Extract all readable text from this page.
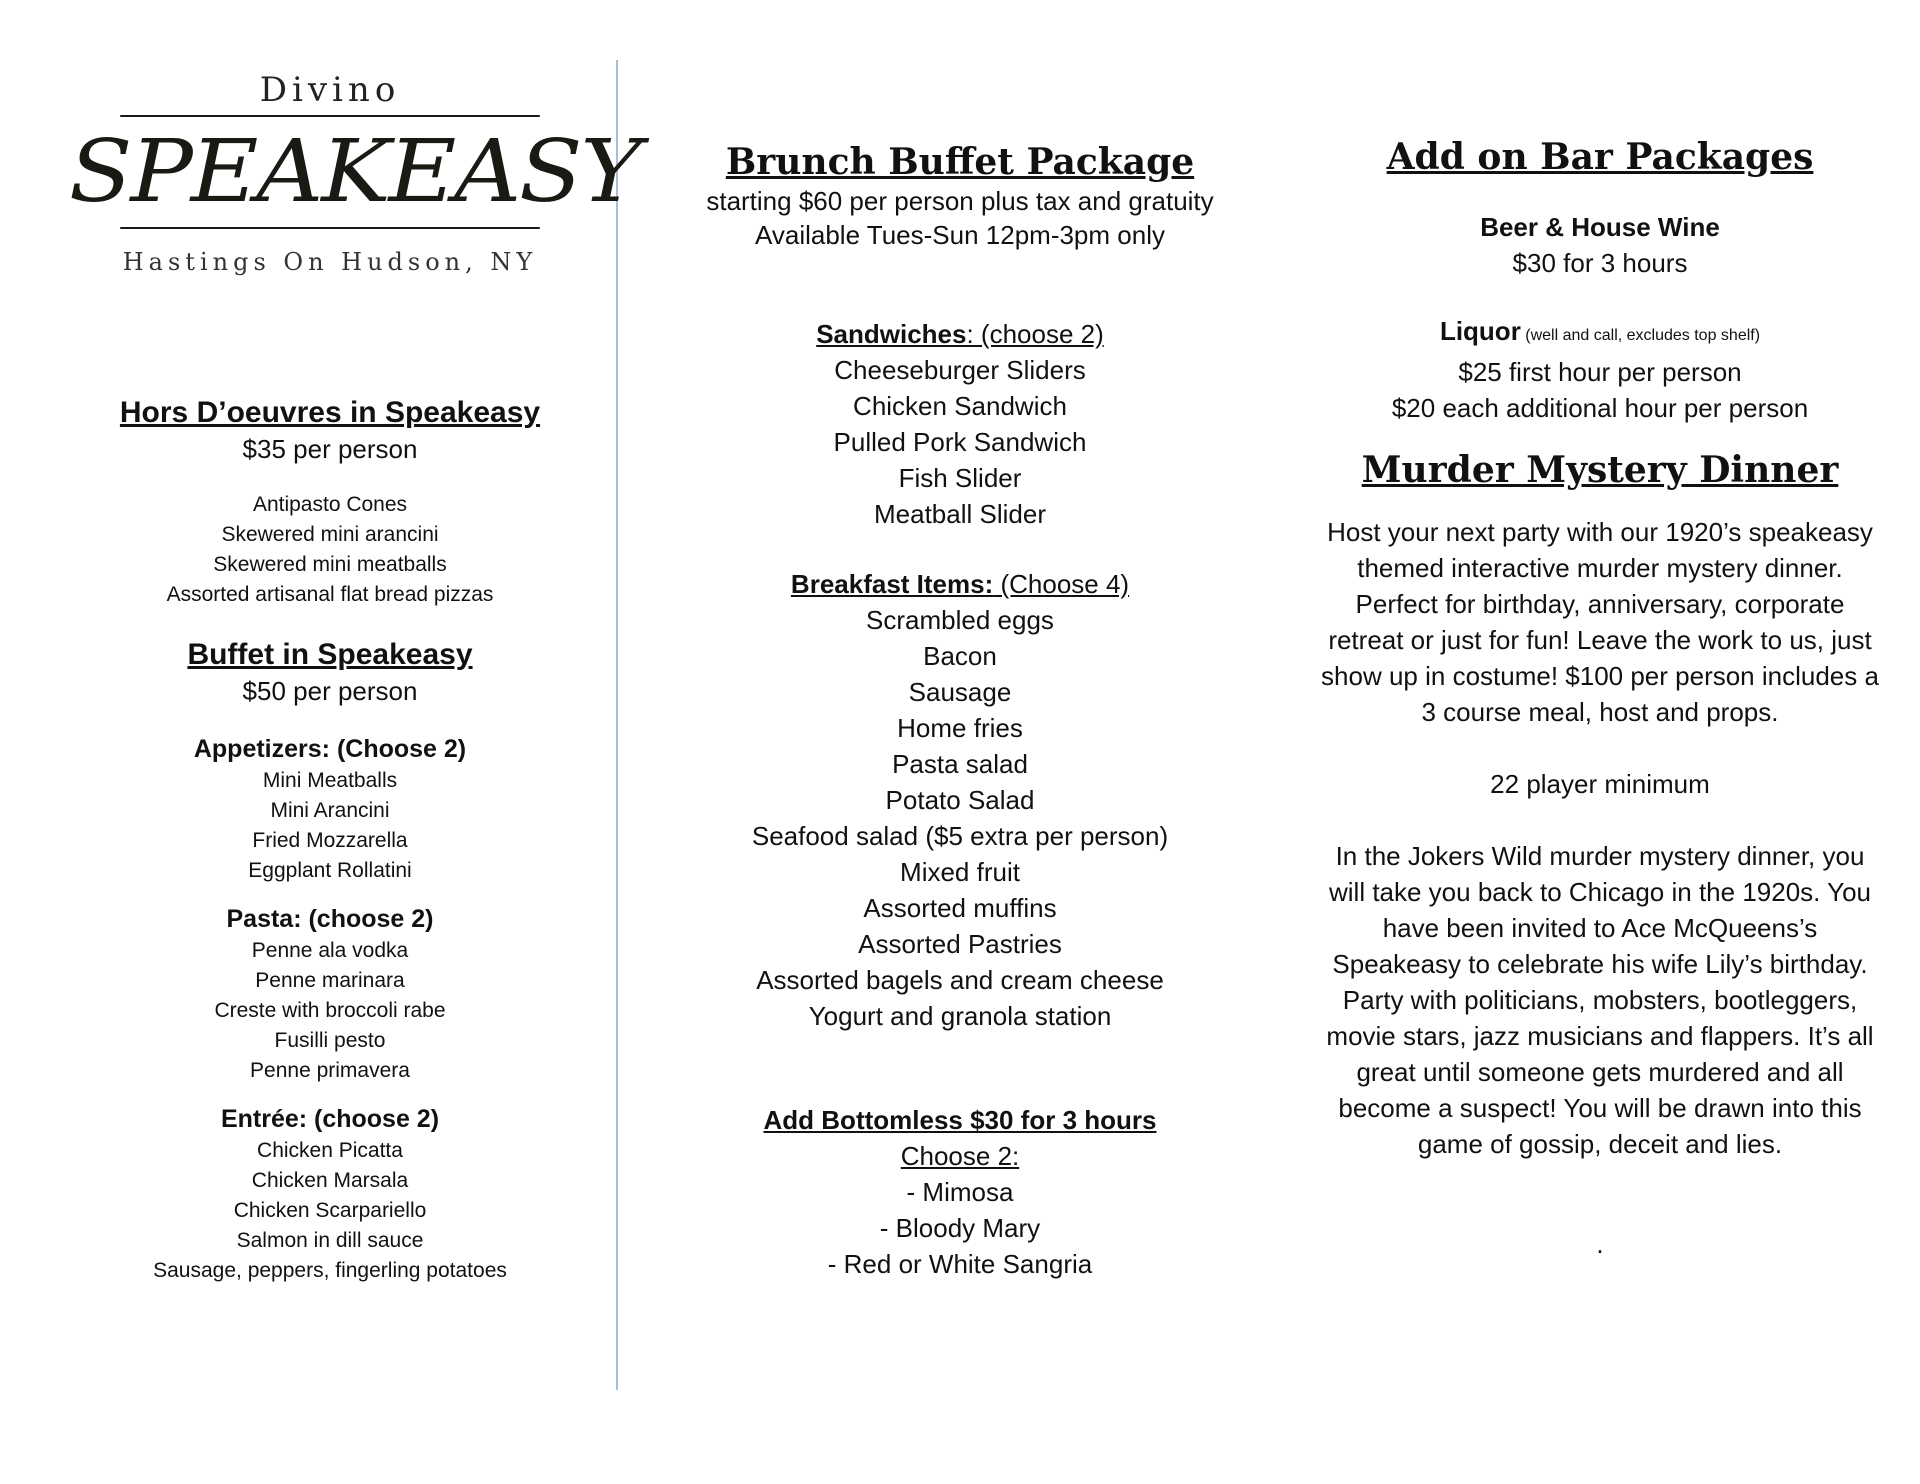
Divino
SPEAKEASY
Hastings On Hudson, NY
Hors D’oeuvres in Speakeasy
$35 per person
Antipasto Cones
Skewered mini arancini
Skewered mini meatballs
Assorted artisanal flat bread pizzas
Buffet in Speakeasy
$50 per person
Appetizers: (Choose 2)
Mini Meatballs
Mini Arancini
Fried Mozzarella
Eggplant Rollatini
Pasta: (choose 2)
Penne ala vodka
Penne marinara
Creste with broccoli rabe
Fusilli pesto
Penne primavera
Entrée: (choose 2)
Chicken Picatta
Chicken Marsala
Chicken Scarpariello
Salmon in dill sauce
Sausage, peppers, fingerling potatoes
Brunch Buffet Package
starting $60 per person plus tax and gratuity
Available Tues-Sun 12pm-3pm only
Sandwiches: (choose 2)
Cheeseburger Sliders
Chicken Sandwich
Pulled Pork Sandwich
Fish Slider
Meatball Slider
Breakfast Items: (Choose 4)
Scrambled eggs
Bacon
Sausage
Home fries
Pasta salad
Potato Salad
Seafood salad ($5 extra per person)
Mixed fruit
Assorted muffins
Assorted Pastries
Assorted bagels and cream cheese
Yogurt and granola station
Add Bottomless $30 for 3 hours
Choose 2:
- Mimosa
- Bloody Mary
- Red or White Sangria
Add on Bar Packages
Beer & House Wine
$30 for 3 hours
Liquor (well and call, excludes top shelf)
$25 first hour per person
$20 each additional hour per person
Murder Mystery Dinner
Host your next party with our 1920’s speakeasy themed interactive murder mystery dinner. Perfect for birthday, anniversary, corporate retreat or just for fun! Leave the work to us, just show up in costume! $100 per person includes a 3 course meal, host and props.
22 player minimum
In the Jokers Wild murder mystery dinner, you will take you back to Chicago in the 1920s. You have been invited to Ace McQueens’s Speakeasy to celebrate his wife Lily’s birthday. Party with politicians, mobsters, bootleggers, movie stars, jazz musicians and flappers. It’s all great until someone gets murdered and all become a suspect! You will be drawn into this game of gossip, deceit and lies.
.
